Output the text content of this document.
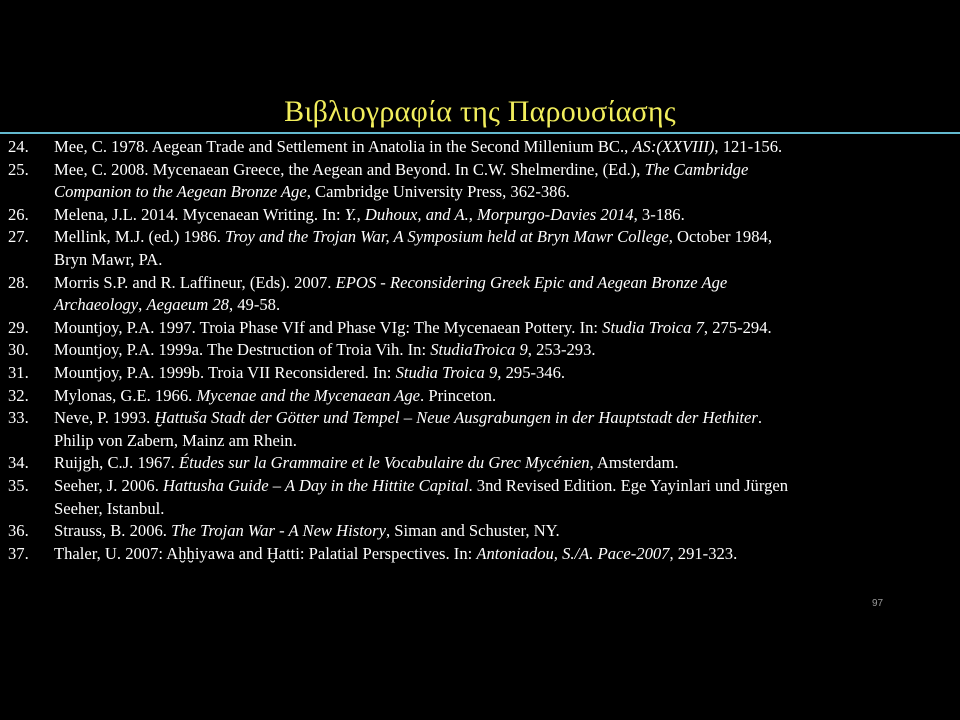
Βιβλιογραφία της Παρουσίασης
24. Mee, C. 1978. Aegean Trade and Settlement in Anatolia in the Second Millenium BC., AS:(XXVIII), 121-156.
25. Mee, C. 2008. Mycenaean Greece, the Aegean and Beyond. In C.W. Shelmerdine, (Ed.), The Cambridge
Companion to the Aegean Bronze Age, Cambridge University Press, 362-386.
26. Melena, J.L. 2014. Mycenaean Writing. In: Y., Duhoux, and A., Morpurgo-Davies 2014, 3-186.
27. Mellink, M.J. (ed.) 1986. Troy and the Trojan War, A Symposium held at Bryn Mawr College, October 1984,
Bryn Mawr, PA.
28. Morris S.P. and R. Laffineur, (Eds). 2007. EPOS - Reconsidering Greek Epic and Aegean Bronze Age
Archaeology, Aegaeum 28, 49-58.
29. Mountjoy, P.A. 1997. Troia Phase VIf and Phase VIg: The Mycenaean Pottery. In: Studia Troica 7, 275-294.
30. Mountjoy, P.A. 1999a. The Destruction of Troia Vih. In: StudiaTroica 9, 253-293.
31. Mountjoy, P.A. 1999b. Troia VII Reconsidered. In: Studia Troica 9, 295-346.
32. Mylonas, G.E. 1966. Mycenae and the Mycenaean Age. Princeton.
33. Neve, P. 1993. Ḫattuša Stadt der Götter und Tempel – Neue Ausgrabungen in der Hauptstadt der Hethiter.
Philip von Zabern, Mainz am Rhein.
34. Ruijgh, C.J. 1967. Études sur la Grammaire et le Vocabulaire du Grec Mycénien, Amsterdam.
35. Seeher, J. 2006. Hattusha Guide – A Day in the Hittite Capital. 3nd Revised Edition. Ege Yayinlari und Jürgen
Seeher, Istanbul.
36. Strauss, B. 2006. The Trojan War - A New History, Siman and Schuster, NY.
37. Thaler, U. 2007: Aḫḫiyawa and Ḫatti: Palatial Perspectives. In: Antoniadou, S./A. Pace-2007, 291-323.
97
